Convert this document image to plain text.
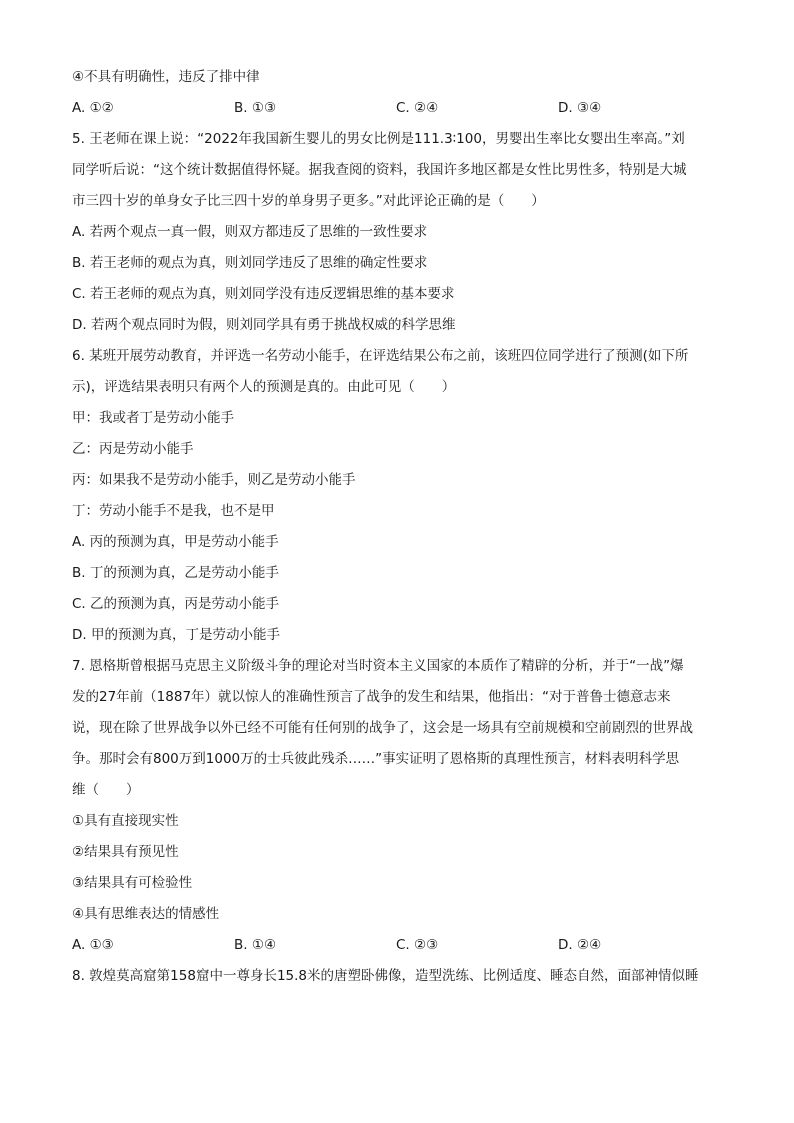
④不具有明确性，违反了排中律
A. ①②	B. ①③	C. ②④	D. ③④
5. 王老师在课上说：“2022年我国新生婴儿的男女比例是111.3∶100，男婴出生率比女婴出生率高。”刘
同学听后说：“这个统计数据值得怀疑。据我查阅的资料，我国许多地区都是女性比男性多，特别是大城
市三四十岁的单身女子比三四十岁的单身男子更多。”对此评论正确的是（　　）
A. 若两个观点一真一假，则双方都违反了思维的一致性要求
B. 若王老师的观点为真，则刘同学违反了思维的确定性要求
C. 若王老师的观点为真，则刘同学没有违反逻辑思维的基本要求
D. 若两个观点同时为假，则刘同学具有勇于挑战权威的科学思维
6. 某班开展劳动教育，并评选一名劳动小能手，在评选结果公布之前，该班四位同学进行了预测(如下所
示)，评选结果表明只有两个人的预测是真的。由此可见（　　）
甲：我或者丁是劳动小能手
乙：丙是劳动小能手
丙：如果我不是劳动小能手，则乙是劳动小能手
丁：劳动小能手不是我，也不是甲
A. 丙的预测为真，甲是劳动小能手
B. 丁的预测为真，乙是劳动小能手
C. 乙的预测为真，丙是劳动小能手
D. 甲的预测为真，丁是劳动小能手
7. 恩格斯曾根据马克思主义阶级斗争的理论对当时资本主义国家的本质作了精辟的分析，并于“一战”爆
发的27年前（1887年）就以惊人的准确性预言了战争的发生和结果，他指出：“对于普鲁士德意志来
说，现在除了世界战争以外已经不可能有任何别的战争了，这会是一场具有空前规模和空前剧烈的世界战
争。那时会有800万到1000万的士兵彼此残杀……”事实证明了恩格斯的真理性预言，材料表明科学思
维（　　）
①具有直接现实性
②结果具有预见性
③结果具有可检验性
④具有思维表达的情感性
A. ①③	B. ①④	C. ②③	D. ②④
8. 敦煌莫高窟第158窟中一尊身长15.8米的唐塑卧佛像，造型洗练、比例适度、睡态自然，面部神情似睡
